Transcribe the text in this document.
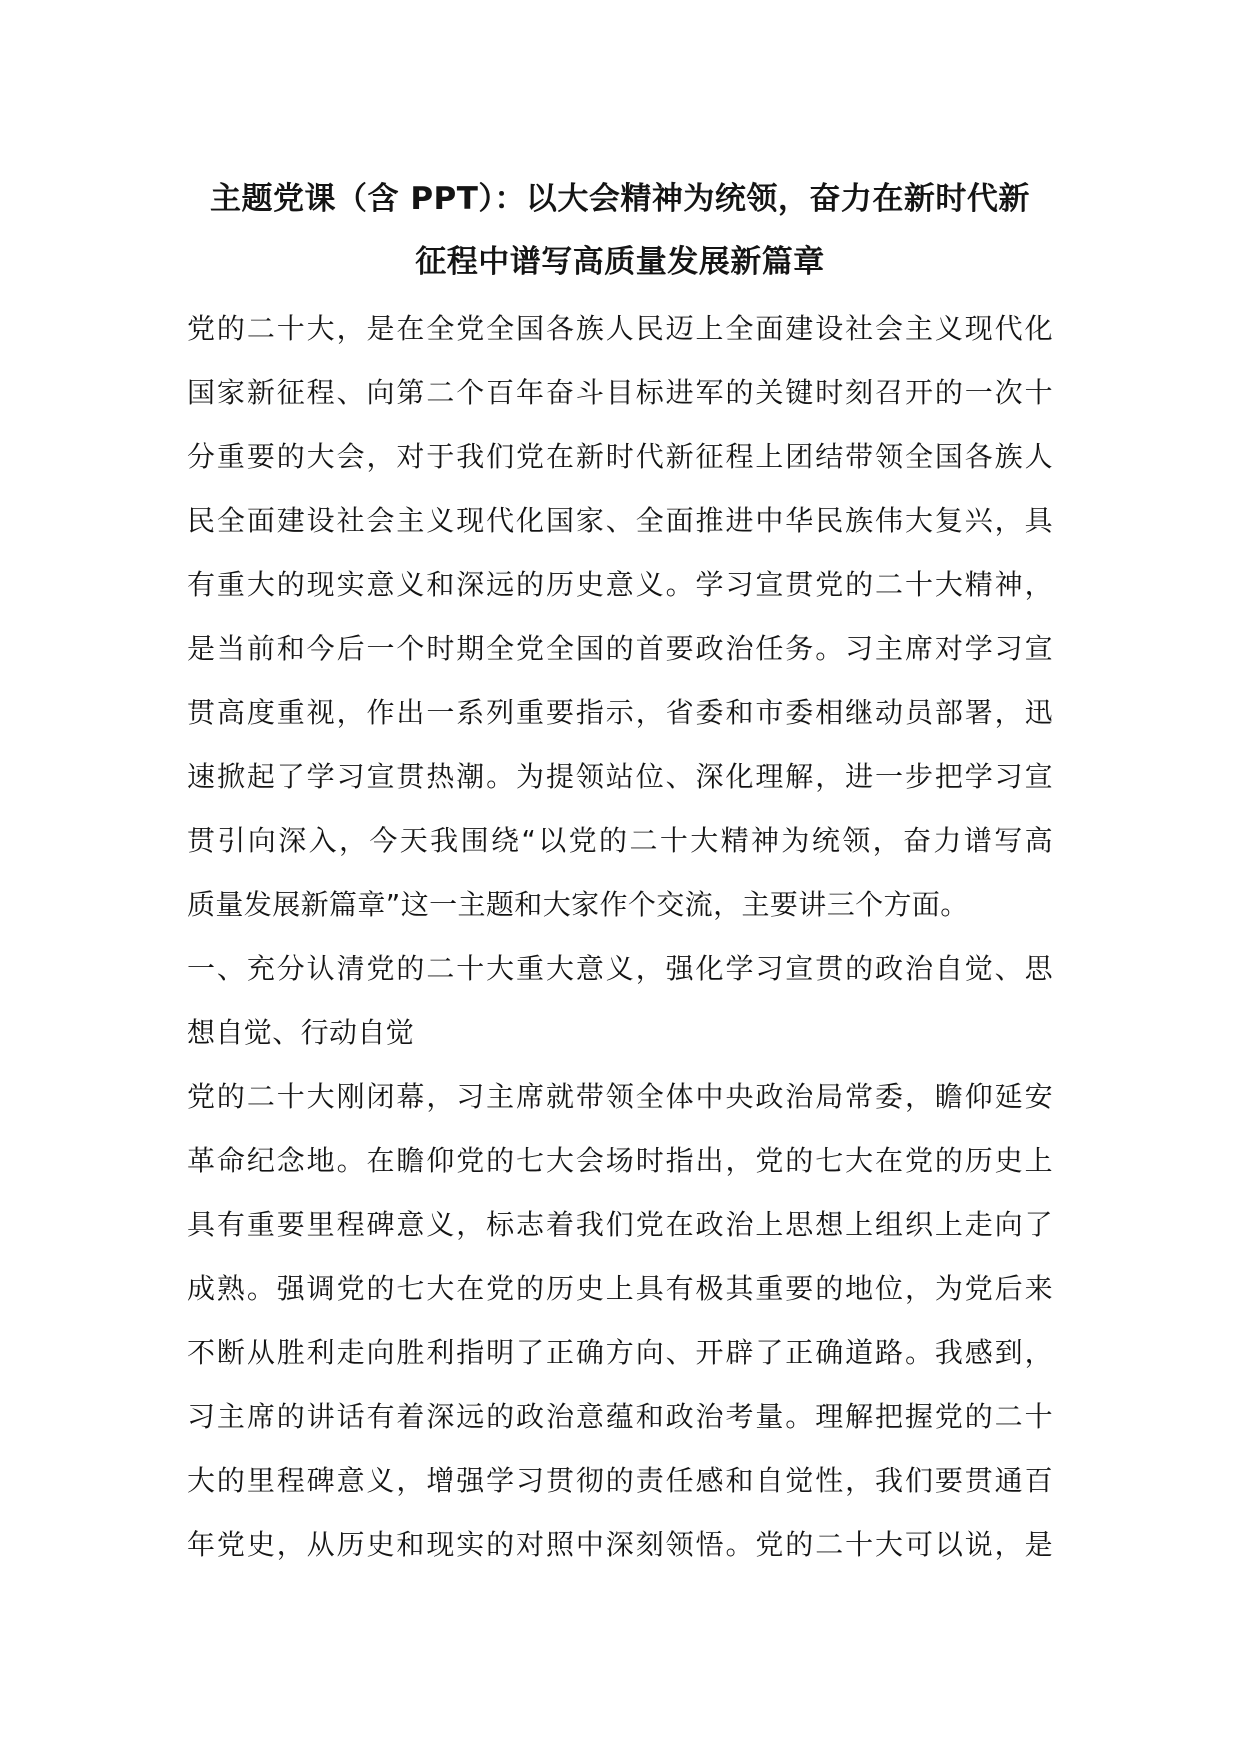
主题党课（含 PPT）：以大会精神为统领，奋力在新时代新
征程中谱写高质量发展新篇章
党的二十大，是在全党全国各族人民迈上全面建设社会主义现代化
国家新征程、向第二个百年奋斗目标进军的关键时刻召开的一次十
分重要的大会，对于我们党在新时代新征程上团结带领全国各族人
民全面建设社会主义现代化国家、全面推进中华民族伟大复兴，具
有重大的现实意义和深远的历史意义。学习宣贯党的二十大精神，
是当前和今后一个时期全党全国的首要政治任务。习主席对学习宣
贯高度重视，作出一系列重要指示，省委和市委相继动员部署，迅
速掀起了学习宣贯热潮。为提领站位、深化理解，进一步把学习宣
贯引向深入，今天我围绕“以党的二十大精神为统领，奋力谱写高
质量发展新篇章”这一主题和大家作个交流，主要讲三个方面。
一、充分认清党的二十大重大意义，强化学习宣贯的政治自觉、思
想自觉、行动自觉
党的二十大刚闭幕，习主席就带领全体中央政治局常委，瞻仰延安
革命纪念地。在瞻仰党的七大会场时指出，党的七大在党的历史上
具有重要里程碑意义，标志着我们党在政治上思想上组织上走向了
成熟。强调党的七大在党的历史上具有极其重要的地位，为党后来
不断从胜利走向胜利指明了正确方向、开辟了正确道路。我感到，
习主席的讲话有着深远的政治意蕴和政治考量。理解把握党的二十
大的里程碑意义，增强学习贯彻的责任感和自觉性，我们要贯通百
年党史，从历史和现实的对照中深刻领悟。党的二十大可以说，是
